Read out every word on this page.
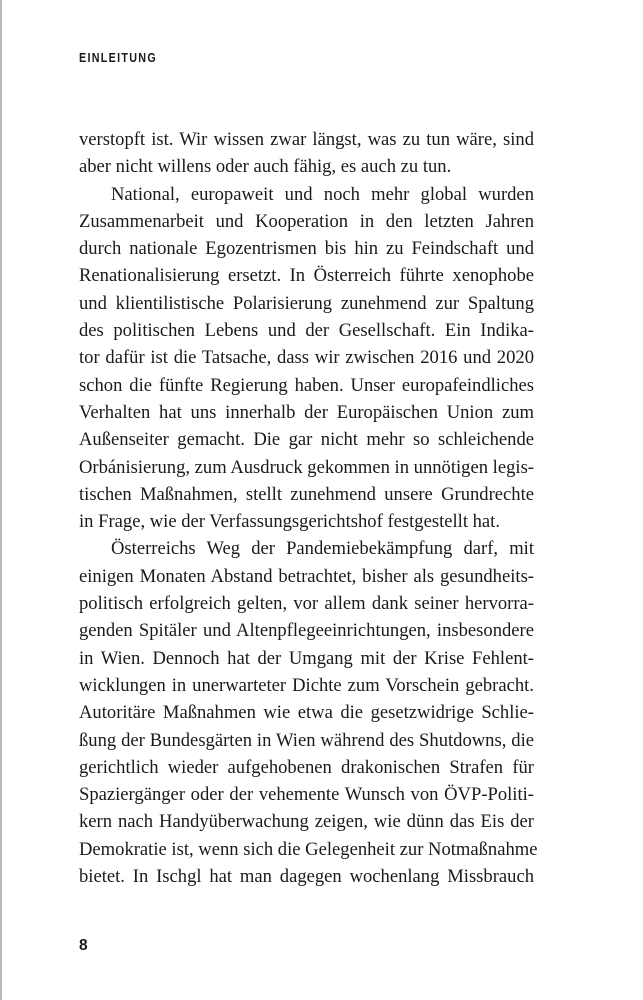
EINLEITUNG
verstopft ist. Wir wissen zwar längst, was zu tun wäre, sind
aber nicht willens oder auch fähig, es auch zu tun.
National, europaweit und noch mehr global wurden
Zusammenarbeit und Kooperation in den letzten Jahren
durch nationale Egozentrismen bis hin zu Feindschaft und
Renationalisierung ersetzt. In Österreich führte xenophobe
und klientilistische Polarisierung zunehmend zur Spaltung
des politischen Lebens und der Gesellschaft. Ein Indika-
tor dafür ist die Tatsache, dass wir zwischen 2016 und 2020
schon die fünfte Regierung haben. Unser europafeindliches
Verhalten hat uns innerhalb der Europäischen Union zum
Außenseiter gemacht. Die gar nicht mehr so schleichende
Orbánisierung, zum Ausdruck gekommen in unnötigen legis-
tischen Maßnahmen, stellt zunehmend unsere Grundrechte
in Frage, wie der Verfassungsgerichtshof festgestellt hat.
Österreichs Weg der Pandemiebekämpfung darf, mit
einigen Monaten Abstand betrachtet, bisher als gesundheits-
politisch erfolgreich gelten, vor allem dank seiner hervorra-
genden Spitäler und Altenpflegeeinrichtungen, insbesondere
in Wien. Dennoch hat der Umgang mit der Krise Fehlent-
wicklungen in unerwarteter Dichte zum Vorschein gebracht.
Autoritäre Maßnahmen wie etwa die gesetzwidrige Schlie-
ßung der Bundesgärten in Wien während des Shutdowns, die
gerichtlich wieder aufgehobenen drakonischen Strafen für
Spaziergänger oder der vehemente Wunsch von ÖVP-Politi-
kern nach Handyüberwachung zeigen, wie dünn das Eis der
Demokratie ist, wenn sich die Gelegenheit zur Notmaßnahme
bietet. In Ischgl hat man dagegen wochenlang Missbrauch
8
